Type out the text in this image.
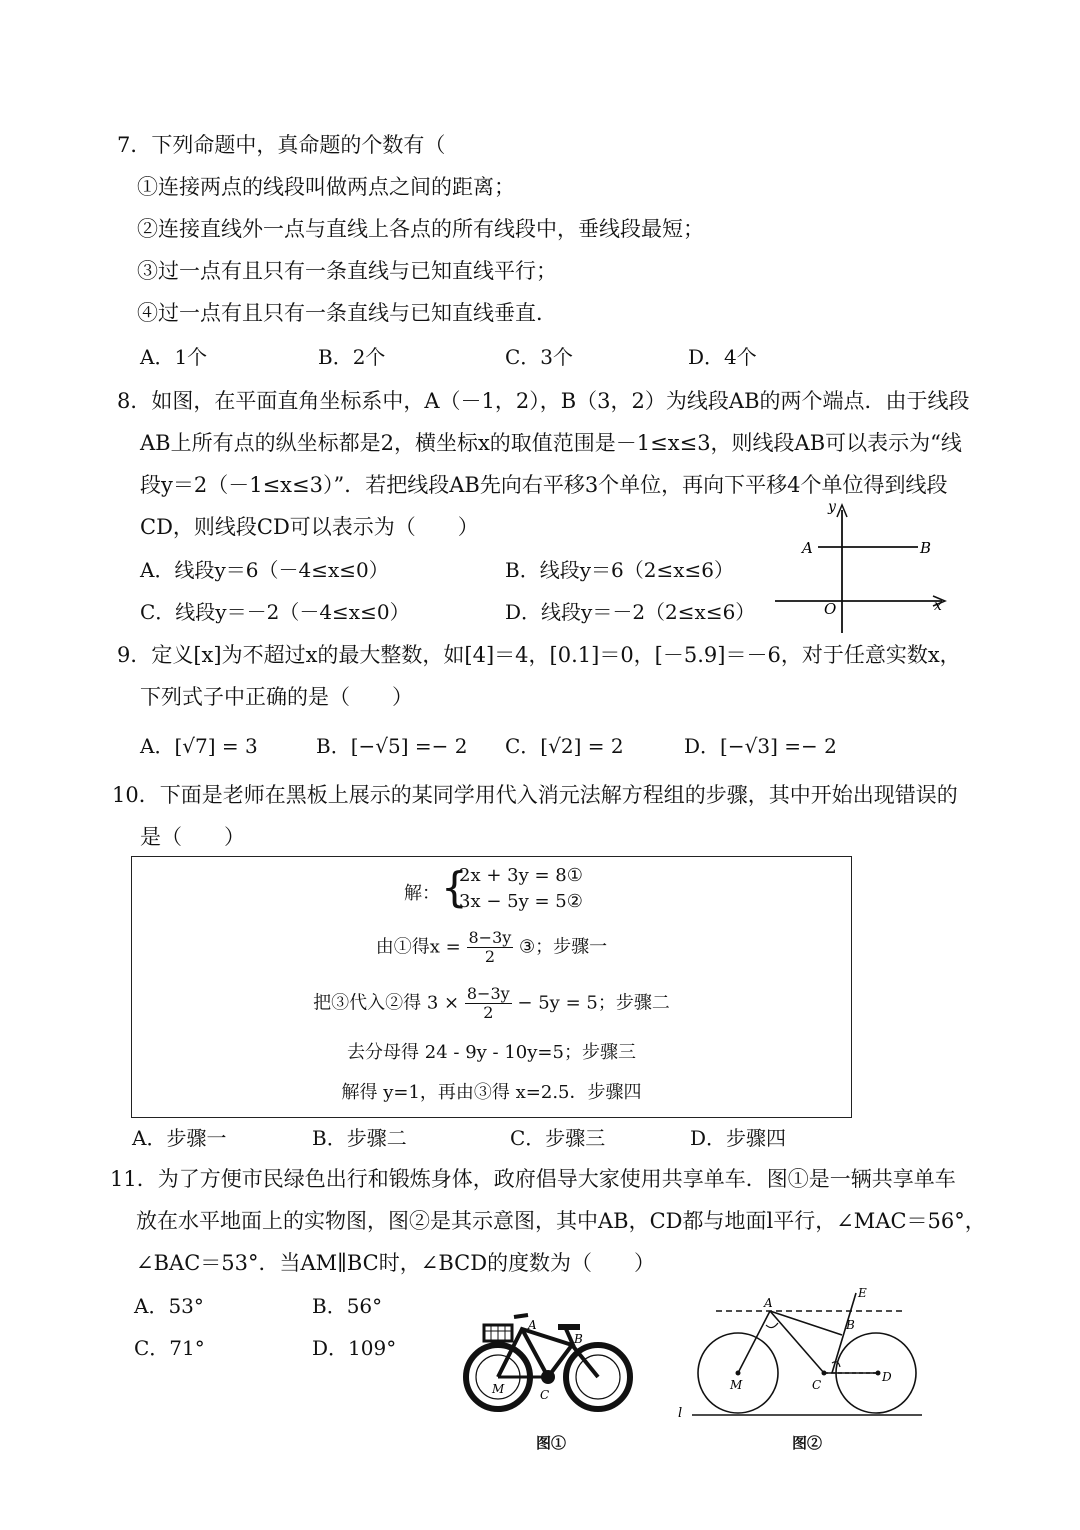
7．下列命题中，真命题的个数有（
①连接两点的线段叫做两点之间的距离；
②连接直线外一点与直线上各点的所有线段中，垂线段最短；
③过一点有且只有一条直线与已知直线平行；
④过一点有且只有一条直线与已知直线垂直．
A．1个	B．2个	C．3个	D．4个
8．如图，在平面直角坐标系中，A（－1，2），B（3，2）为线段AB的两个端点．由于线段
AB上所有点的纵坐标都是2，横坐标x的取值范围是－1≤x≤3，则线段AB可以表示为“线
段y＝2（－1≤x≤3）”．若把线段AB先向右平移3个单位，再向下平移4个单位得到线段
CD，则线段CD可以表示为（　　）
A．线段y＝6（－4≤x≤0）	B．线段y＝6（2≤x≤6）
C．线段y＝－2（－4≤x≤0）	D．线段y＝－2（2≤x≤6）
y
x
O
A	B
9．定义[x]为不超过x的最大整数，如[4]＝4，[0.1]＝0，[－5.9]＝－6，对于任意实数x，
下列式子中正确的是（　　）
A．[√7] = 3	B．[−√5] =− 2 C．[√2] = 2	D．[−√3] =− 2
10．下面是老师在黑板上展示的某同学用代入消元法解方程组的步骤，其中开始出现错误的
是（　　）
解： {
2x + 3y = 8①
3x − 5y = 5②
由①得$x = \frac{8-3y}{2}$ ③；步骤一
把③代入②得 $3 \times \frac{8-3y}{2} - 5y = 5$；步骤二
去分母得 24 - 9y - 10y=5；步骤三
解得 y=1，再由③得 x=2.5．步骤四
A．步骤一	B．步骤二	C．步骤三	D．步骤四
11．为了方便市民绿色出行和锻炼身体，政府倡导大家使用共享单车．图①是一辆共享单车
放在水平地面上的实物图，图②是其示意图，其中AB，CD都与地面l平行，∠MAC＝56°，
∠BAC＝53°．当AM∥BC时，∠BCD的度数为（　　）
A．53°	B．56°
C．71°	D．109°
A
B
C
M
图①
A
B
C
D
E
M
l
图②
